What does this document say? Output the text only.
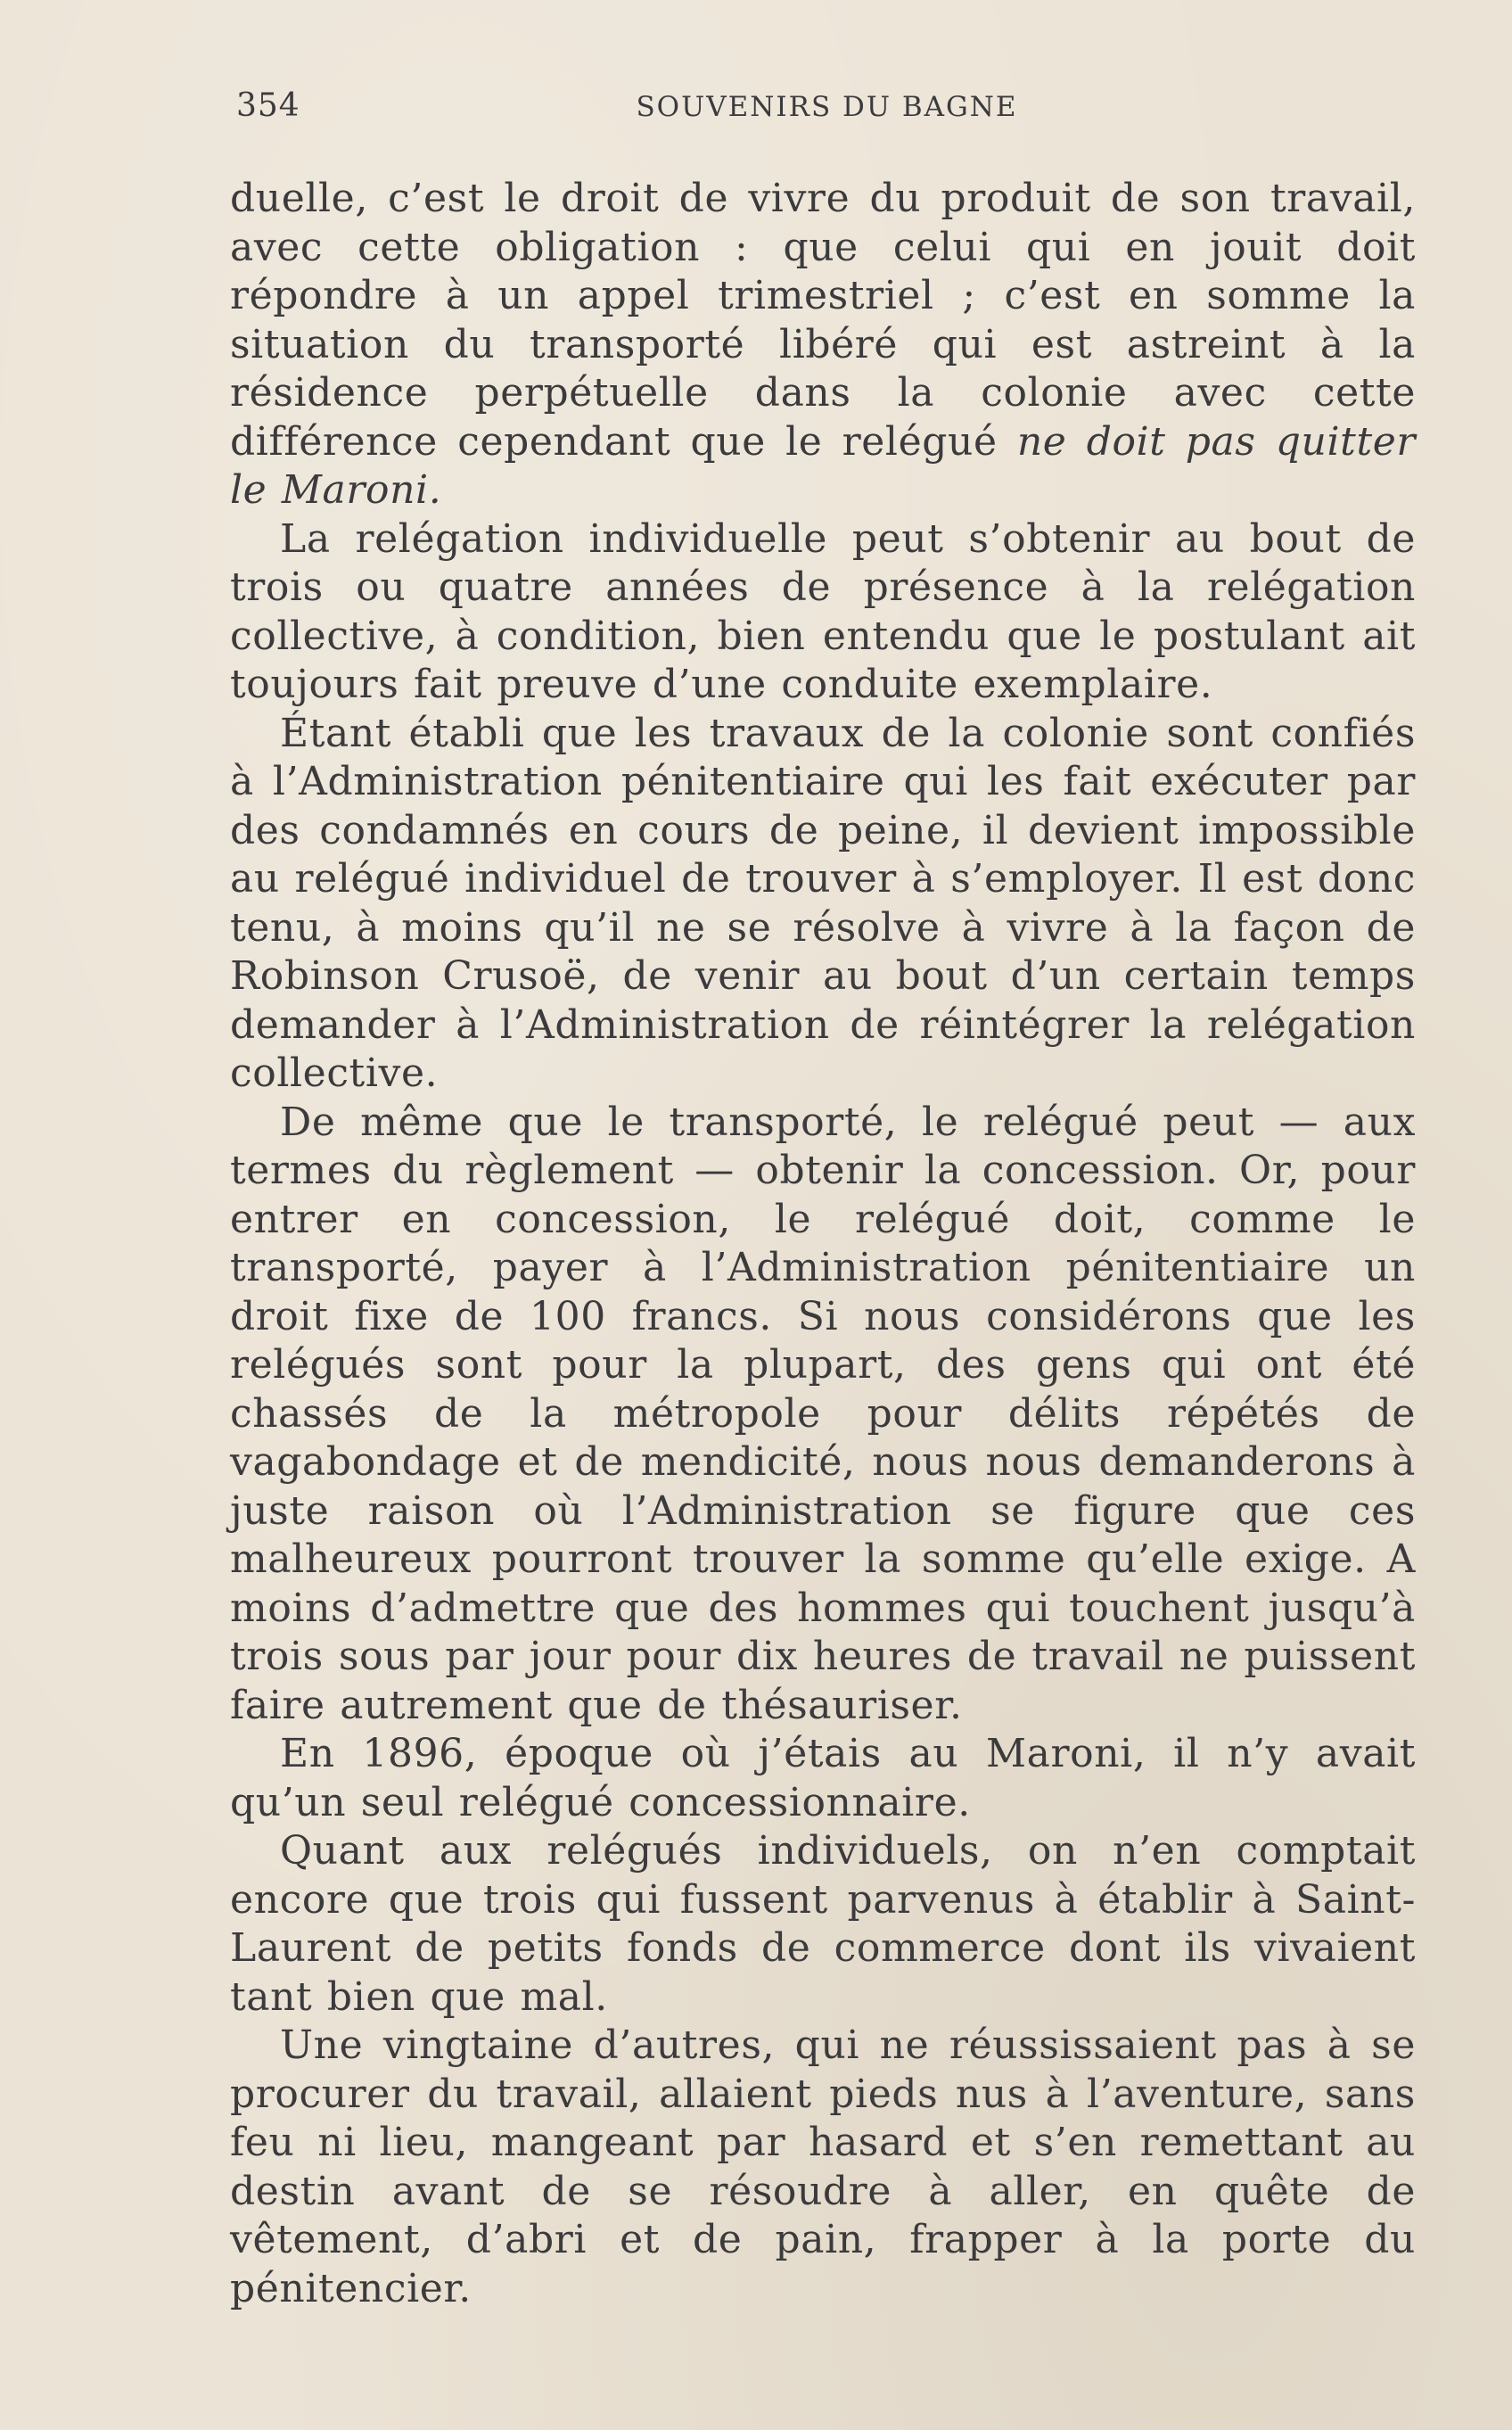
354	SOUVENIRS DU BAGNE

duelle, c’est le droit de vivre du produit de son travail, avec cette obligation : que celui qui en jouit doit répondre à un appel trimestriel ; c’est en somme la situation du transporté libéré qui est astreint à la résidence perpétuelle dans la colonie avec cette différence cependant que le relégué ne doit pas quitter le Maroni.

La relégation individuelle peut s’obtenir au bout de trois ou quatre années de présence à la relégation collective, à condition, bien entendu que le postulant ait toujours fait preuve d’une conduite exemplaire.

Étant établi que les travaux de la colonie sont confiés à l’Administration pénitentiaire qui les fait exécuter par des condamnés en cours de peine, il devient impossible au relégué individuel de trouver à s’employer. Il est donc tenu, à moins qu’il ne se résolve à vivre à la façon de Robinson Crusoë, de venir au bout d’un certain temps demander à l’Administration de réintégrer la relégation collective.

De même que le transporté, le relégué peut — aux termes du règlement — obtenir la concession. Or, pour entrer en concession, le relégué doit, comme le transporté, payer à l’Administration pénitentiaire un droit fixe de 100 francs. Si nous considérons que les relégués sont pour la plupart, des gens qui ont été chassés de la métropole pour délits répétés de vagabondage et de mendicité, nous nous demanderons à juste raison où l’Administration se figure que ces malheureux pourront trouver la somme qu’elle exige. A moins d’admettre que des hommes qui touchent jusqu’à trois sous par jour pour dix heures de travail ne puissent faire autrement que de thésauriser.

En 1896, époque où j’étais au Maroni, il n’y avait qu’un seul relégué concessionnaire.

Quant aux relégués individuels, on n’en comptait encore que trois qui fussent parvenus à établir à Saint-Laurent de petits fonds de commerce dont ils vivaient tant bien que mal.

Une vingtaine d’autres, qui ne réussissaient pas à se procurer du travail, allaient pieds nus à l’aventure, sans feu ni lieu, mangeant par hasard et s’en remettant au destin avant de se résoudre à aller, en quête de vêtement, d’abri et de pain, frapper à la porte du pénitencier.
